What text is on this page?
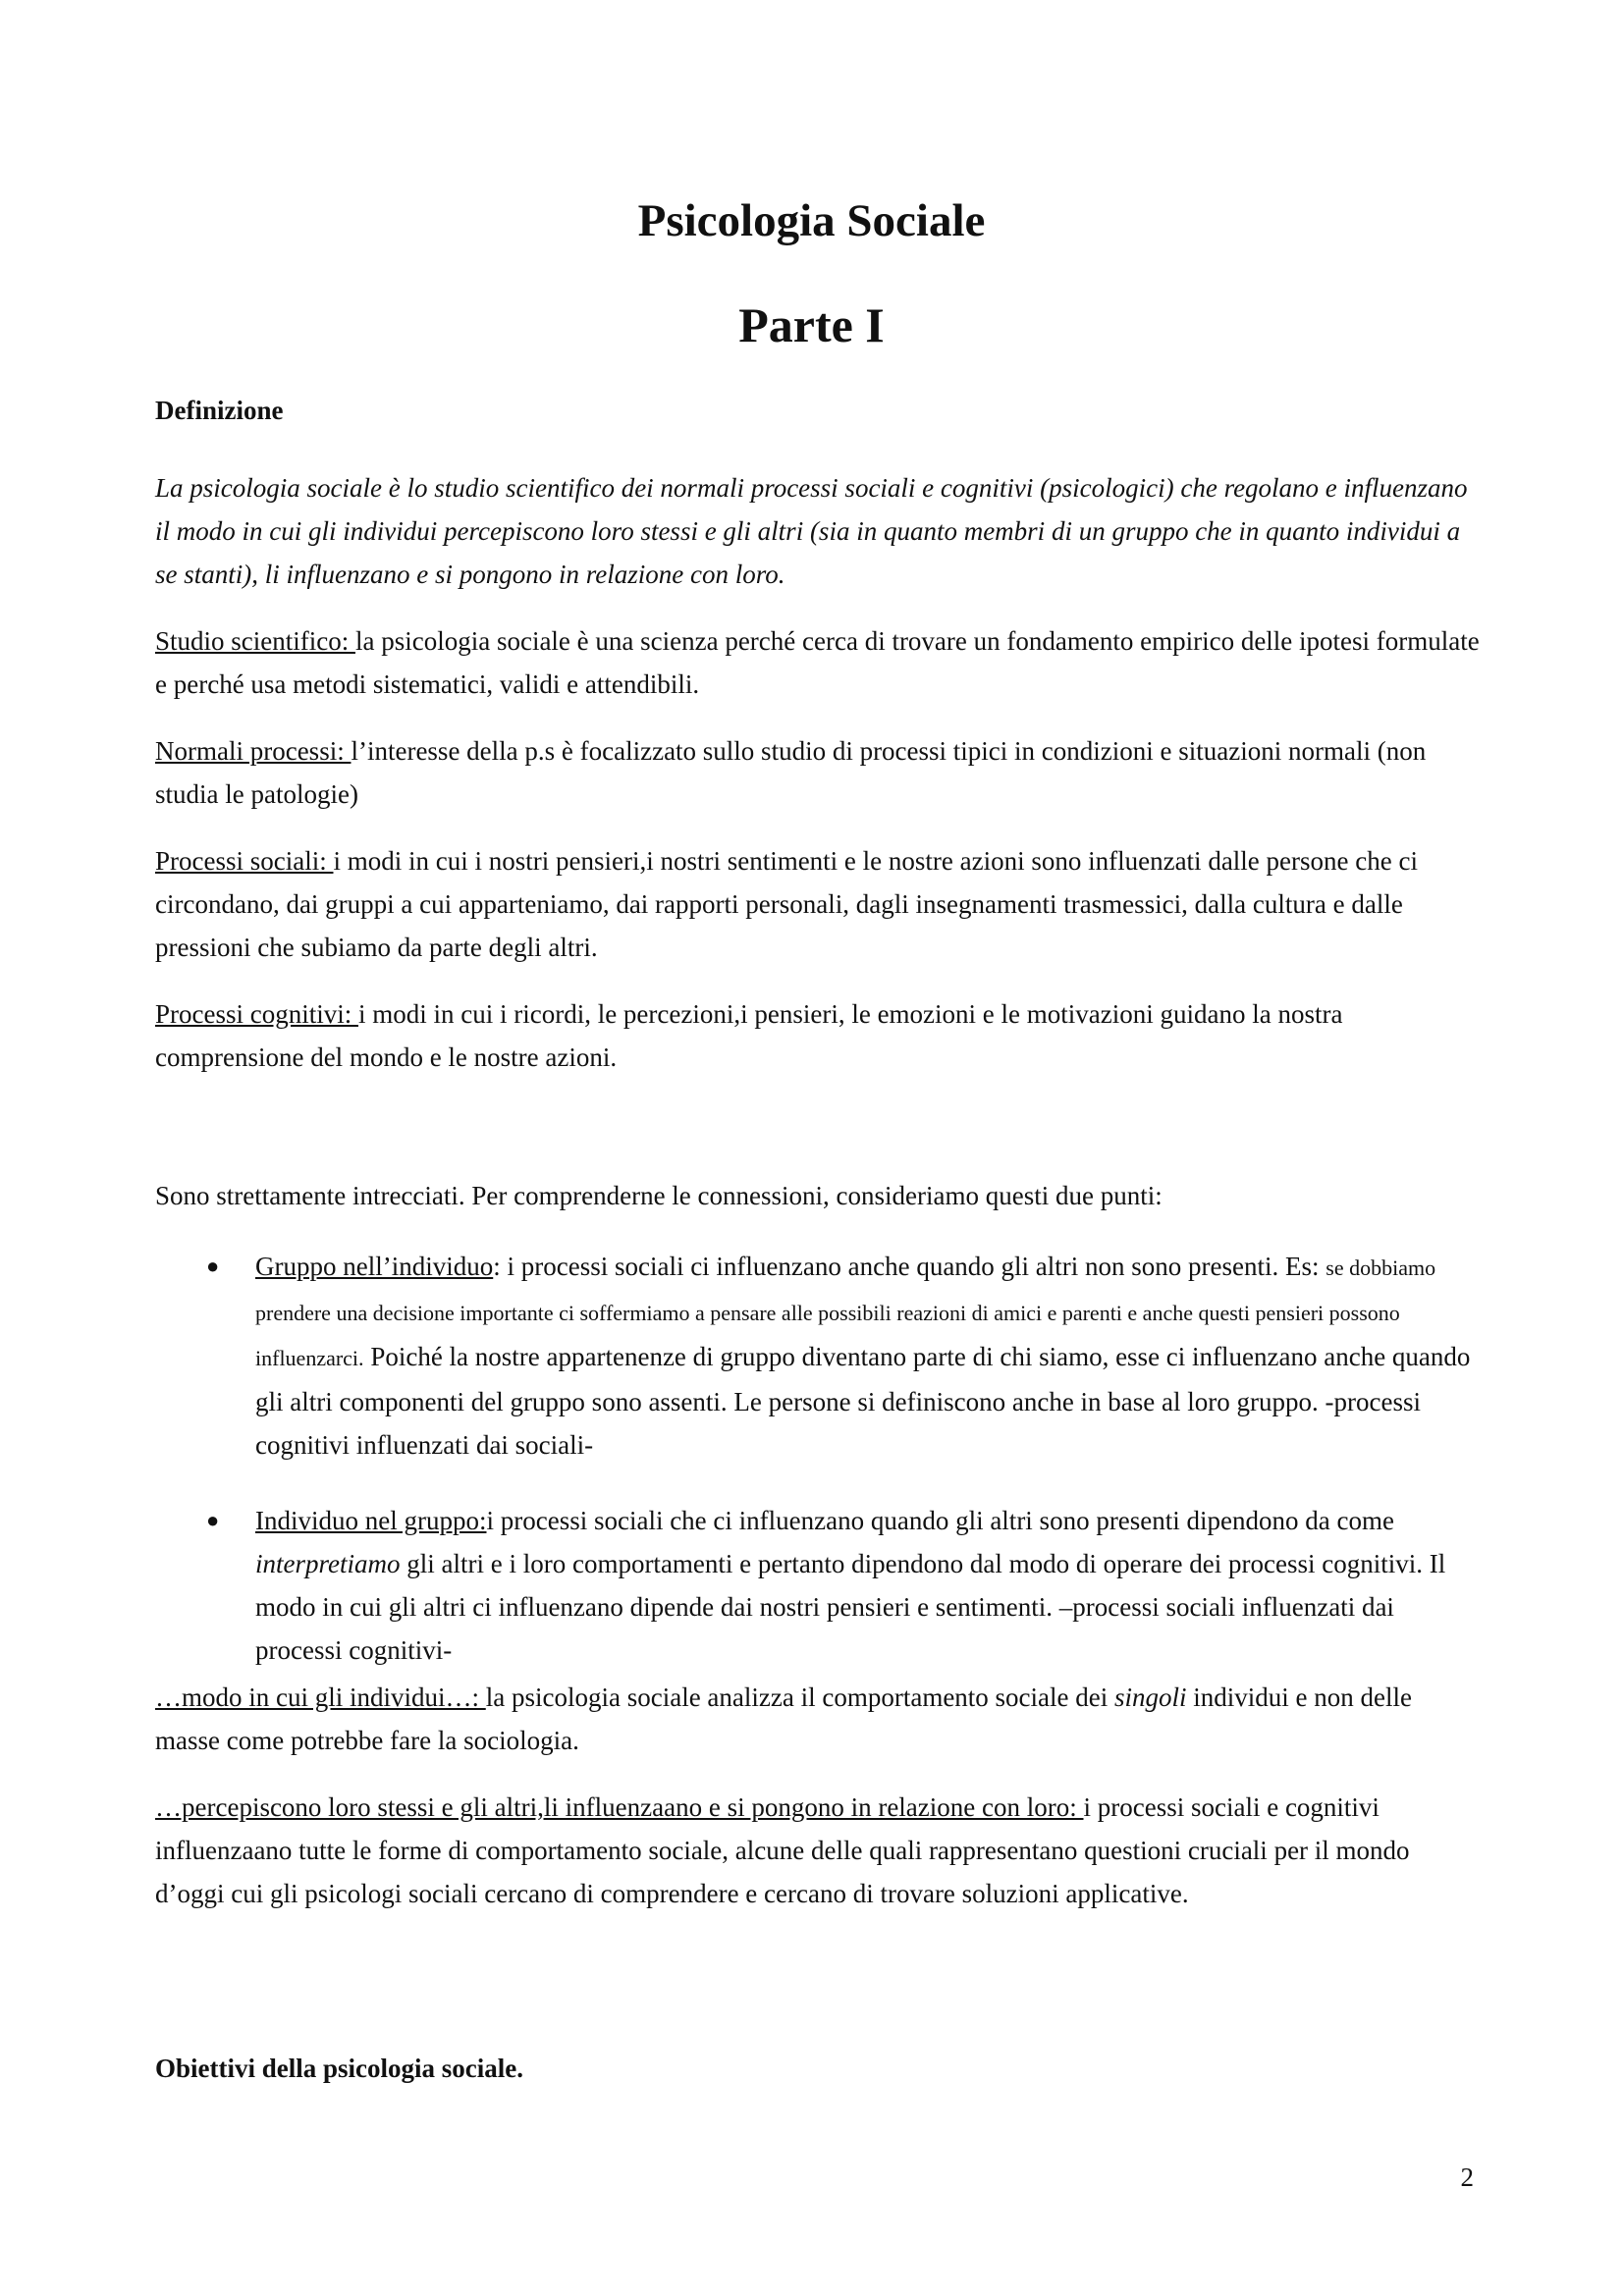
Psicologia Sociale
Parte I
Definizione

La psicologia sociale è lo studio scientifico dei normali processi sociali e cognitivi (psicologici) che regolano e influenzano il modo in cui gli individui percepiscono loro stessi e gli altri (sia in quanto membri di un gruppo che in quanto individui a se stanti), li influenzano e si pongono in relazione con loro.

Studio scientifico: la psicologia sociale è una scienza perché cerca di trovare un fondamento empirico delle ipotesi formulate e perché usa metodi sistematici, validi e attendibili.

Normali processi: l’interesse della p.s è focalizzato sullo studio di processi tipici in condizioni e situazioni normali (non studia le patologie)

Processi sociali: i modi in cui i nostri pensieri,i nostri sentimenti e le nostre azioni sono influenzati dalle persone che ci circondano, dai gruppi a cui apparteniamo, dai rapporti personali, dagli insegnamenti trasmessici, dalla cultura e dalle pressioni che subiamo da parte degli altri.

Processi cognitivi: i modi in cui i ricordi, le percezioni,i pensieri, le emozioni e le motivazioni guidano la nostra comprensione del mondo e le nostre azioni.

Sono strettamente intrecciati. Per comprenderne le connessioni, consideriamo questi due punti:

● Gruppo nell’individuo: i processi sociali ci influenzano anche quando gli altri non sono presenti. Es: se dobbiamo prendere una decisione importante ci soffermiamo a pensare alle possibili reazioni di amici e parenti e anche questi pensieri possono influenzarci. Poiché la nostre appartenenze di gruppo diventano parte di chi siamo, esse ci influenzano anche quando gli altri componenti del gruppo sono assenti. Le persone si definiscono anche in base al loro gruppo. -processi cognitivi influenzati dai sociali-
● Individuo nel gruppo:i processi sociali che ci influenzano quando gli altri sono presenti dipendono da come interpretiamo gli altri e i loro comportamenti e pertanto dipendono dal modo di operare dei processi cognitivi. Il modo in cui gli altri ci influenzano dipende dai nostri pensieri e sentimenti. –processi sociali influenzati dai processi cognitivi-

…modo in cui gli individui…: la psicologia sociale analizza il comportamento sociale dei singoli individui e non delle masse come potrebbe fare la sociologia.

…percepiscono loro stessi e gli altri,li influenzaano e si pongono in relazione con loro: i processi sociali e cognitivi influenzaano tutte le forme di comportamento sociale, alcune delle quali rappresentano questioni cruciali per il mondo d’oggi cui gli psicologi sociali cercano di comprendere e cercano di trovare soluzioni applicative.

Obiettivi della psicologia sociale.

2
